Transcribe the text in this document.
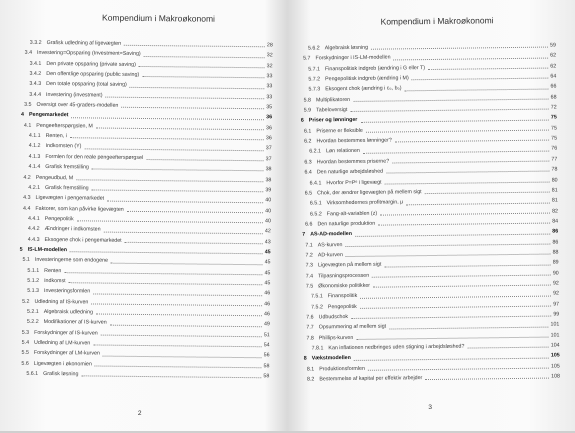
Kompendium i Makroøkonomi
3.3.2 Grafisk udledning af ligevægten	28
3.4 Investering=Opsparing (Investment=Saving)	32
3.4.1 Den private opsparing (private saving)	32
3.4.2 Den offentlige opsparing (public saving)	33
3.4.3 Den totale opsparing (total saving)	33
3.4.4 Investering (investment)	33
3.5 Oversigt over 45-graders-modellen	35
4 Pengemarkedet	36
4.1 Pengeefterspørgslen, M	36
4.1.1 Renten, i	36
4.1.2 Indkomsten (Y)	37
4.1.3 Formlen for den reale pengeefterspørgsel	37
4.1.4 Grafisk fremstilling	38
4.2 Pengeudbud, M	38
4.2.1 Grafisk fremstilling	39
4.3 Ligevægten i pengemarkedet	40
4.4 Faktorer, som kan påvirke ligevægten	40
4.4.1 Pengepolitik	40
4.4.2 Ændringer i indkomsten	42
4.4.3 Eksogene chok i pengemarkedet	43
5 IS-LM-modellen	45
5.1 Investeringerne som endogene	45
5.1.1 Renten	45
5.1.2 Indkomst	45
5.1.3 Investeringsformlen	46
5.2 Udledning af IS-kurven	46
5.2.1 Algebraisk udledning	46
5.2.2 Modifikationer af IS-kurven	49
5.3 Forskydninger af IS-kurven	51
5.4 Udledning af LM-kurven	54
5.5 Forskydninger af LM-kurven	56
5.6 Ligevægten i økonomien	58
5.6.1 Grafisk løsning	58
2
Kompendium i Makroøkonomi
5.6.2 Algebraisk løsning	59
5.7 Forskydninger i IS-LM-modellen	62
5.7.1 Finanspolitisk indgreb (ændring i G eller T)	62
5.7.2 Pengepolitisk indgreb (ændring i M)	64
5.7.3 Eksogent chok (ændring i c₀, b₀)	66
5.8 Multiplikatoren	68
5.9 Tabeloversigt	72
6 Priser og lønninger	75
6.1 Priserne er fleksible	75
6.2 Hvordan bestemmes lønninger?	75
6.2.1 Løn relationen	76
6.3 Hvordan bestemmes priserne?	77
6.4 Den naturlige arbejdsløshed	78
6.4.1 Hvorfor P=Pᵉ i ligevægt	80
6.5 Chok, der ændrer ligevægten på mellem sigt	81
6.5.1 Virksomhedernes profitmargin, μ	81
6.5.2 Fang-alt-variablen (z)	82
6.6 Den naturlige produktion	84
7 AS-AD-modellen	86
7.1 AS-kurven	86
7.2 AD-kurven	88
7.3 Ligevægten på mellem sigt	89
7.4 Tilpasningsprocessen	90
7.5 Økonomiske politikker	92
7.5.1 Finanspolitik	92
7.5.2 Pengepolitik	97
7.6 Udbudschok	99
7.7 Opsummering af mellem sigt	101
7.8 Phillips-kurven	101
7.8.1 Kan inflationen nedbringes uden stigning i arbejdsløshed?	104
8 Vækstmodellen	105
8.1 Produktionsformlen	105
8.2 Bestemmelse af kapital per effektiv arbejder	108
3
